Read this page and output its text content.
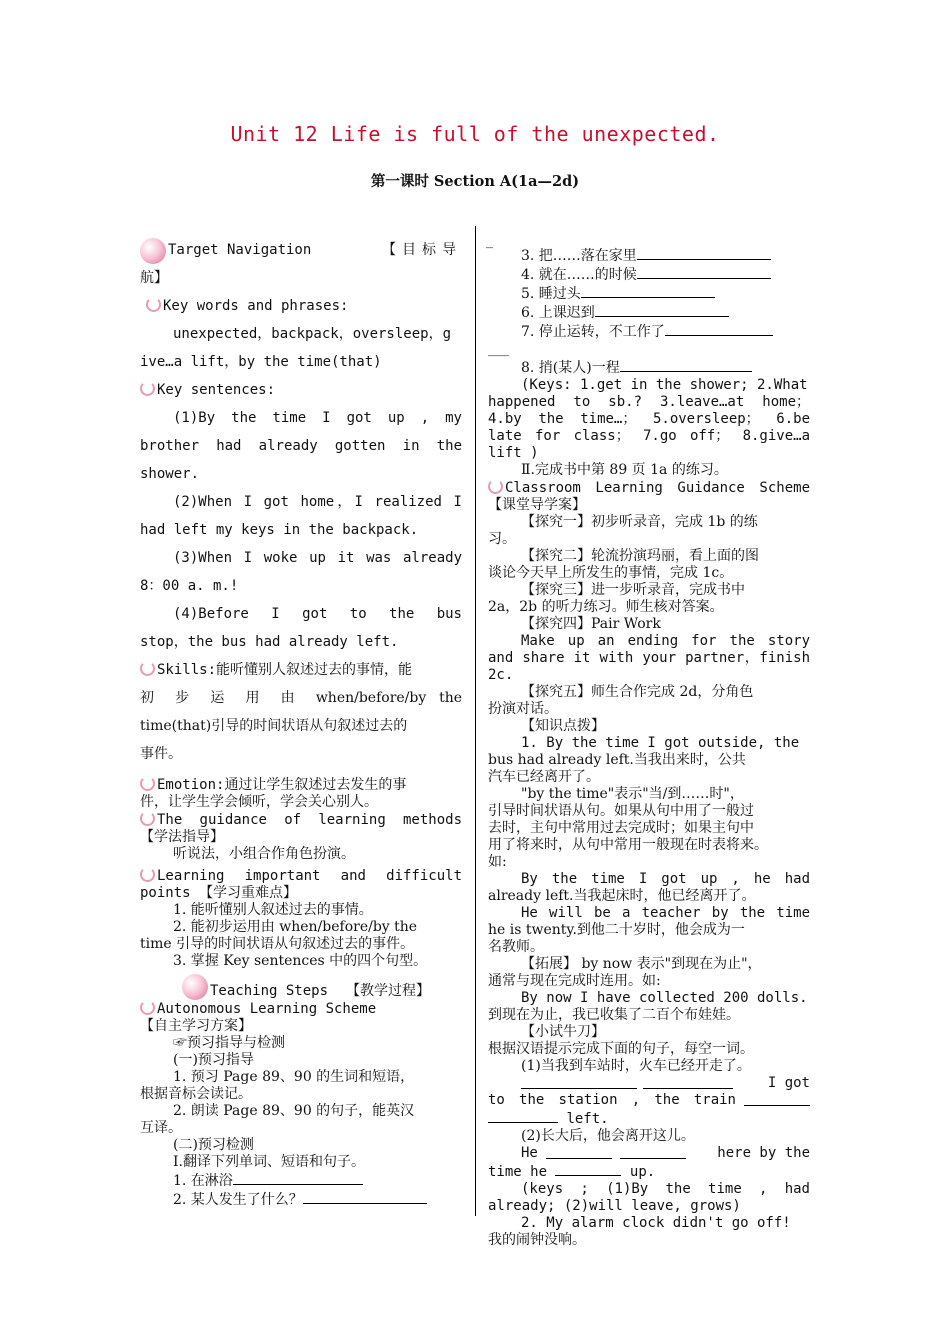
Unit 12 Life is full of the unexpected.
第一课时 Section A(1a—2d)
Target Navigation	【目标导

航】

Key words and phrases:

unexpected，backpack，oversleep，g

ive…a lift，by the time(that)

Key sentences:

(1)By the time I got up , my

brother had already gotten in the

shower.

(2)When I got home，I realized I

had left my keys in the backpack.

(3)When I woke up it was already

8：00 a. m.!

(4)Before I got to the bus

stop，the bus had already left.

Skills:能听懂别人叙述过去的事情，能

初 步 运 用 由 when/before/by the

time(that)引导的时间状语从句叙述过去的

事件。

Emotion:通过让学生叙述过去发生的事

件，让学生学会倾听，学会关心别人。

The guidance of learning methods

【学法指导】

听说法，小组合作角色扮演。

Learning important and difficult

points 【学习重难点】

1. 能听懂别人叙述过去的事情。

2. 能初步运用由 when/before/by the

time 引导的时间状语从句叙述过去的事件。

3. 掌握 Key sentences 中的四个句型。

Teaching Steps 【教学过程】

Autonomous Learning Scheme

【自主学习方案】

☞预习指导与检测

(一)预习指导

1. 预习 Page 89、90 的生词和短语，

根据音标会读记。

2. 朗读 Page 89、90 的句子，能英汉

互译。

(二)预习检测

Ⅰ.翻译下列单词、短语和句子。

1. 在淋浴

2. 某人发生了什么？

_

3. 把……落在家里

4. 就在……的时候

5. 睡过头

6. 上课迟到

7. 停止运转，不工作了

___

8. 捎(某人)一程

(Keys: 1.get in the shower; 2.What

happened to sb.? 3.leave…at home；

4.by the time…； 5.oversleep； 6.be

late for class； 7.go off； 8.give…a

lift )

Ⅱ.完成书中第 89 页 1a 的练习。

Classroom Learning Guidance Scheme

【课堂导学案】

【探究一】初步听录音，完成 1b 的练

习。

【探究二】轮流扮演玛丽，看上面的图

谈论今天早上所发生的事情，完成 1c。

【探究三】进一步听录音，完成书中

2a，2b 的听力练习。师生核对答案。

【探究四】Pair Work

Make up an ending for the story

and share it with your partner，finish

2c.

【探究五】师生合作完成 2d，分角色

扮演对话。

【知识点拨】

1. By the time I got outside, the

bus had already left.当我出来时，公共

汽车已经离开了。

"by the time"表示"当/到……时"，

引导时间状语从句。如果从句中用了一般过

去时，主句中常用过去完成时；如果主句中

用了将来时，从句中常用一般现在时表将来。

如:

By the time I got up , he had

already left.当我起床时，他已经离开了。

He will be a teacher by the time

he is twenty.到他二十岁时，他会成为一

名教师。

【拓展】 by now 表示"到现在为止"，

通常与现在完成时连用。如:

By now I have collected 200 dolls.

到现在为止，我已收集了二百个布娃娃。

【小试牛刀】

根据汉语提示完成下面的句子，每空一词。

(1)当我到车站时，火车已经开走了。

I got

to the station , the train

left.

(2)长大后，他会离开这儿。

He	here by the

time he	up.

(keys ; (1)By the time , had

already; (2)will leave, grows)

2. My alarm clock didn't go off!

我的闹钟没响。
